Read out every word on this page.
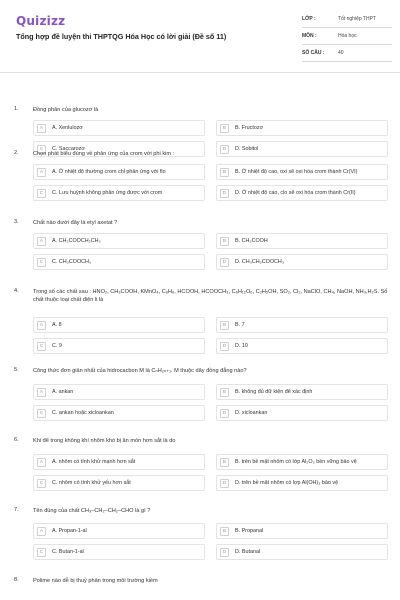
Quizizz
Tổng hợp đề luyện thi THPTQG Hóa Học có lời giải (Đề số 11)
LỚP :	Tốt nghiệp THPT
MÔN :	Hóa học
SỐ CÂU :	40
1.	Đồng phân của glucozơ là
A	A. Xenlulozơ	B	B. Fructozơ
C	C. Saccarozơ	D	D. Sobitol
2.	Chọn phát biểu đúng về phản ứng của crom với phi kim :
A	A. Ở nhiệt độ thường crom chỉ phản ứng với flo	B	B. Ở nhiệt độ cao, oxi sẽ oxi hóa crom thành Cr(VI)
C	C. Lưu huỳnh không phản ứng được với crom	D	D. Ở nhiệt độ cao, clo sẽ oxi hóa crom thành Cr(II)
3.	Chất nào dưới đây là etyl axetat ?
A	A. CH₃COOCH₂CH₃	B	B. CH₃COOH
C	C. CH₃COOCH₃	D	D. CH₃CH₂COOCH₃
4.	Trong số các chất sau : HNO₂, CH₃COOH, KMnO₄, C₆H₆, HCOOH, HCOOCH₃, C₆H₁₂O₆, C₂H₅OH, SO₂, Cl₂, NaClO, CH₄, NaOH, NH₃,H₂S. Số chất thuộc loại chất điện li là
A	A. 8	B	B. 7
C	C. 9	D	D. 10
5.	Công thức đơn giản nhất của hidrocacbon M là CₙH₂ₙ₊₁. M thuộc dãy đồng đẳng nào?
A	A. ankan	B	B. không đủ dữ kiện để xác định
C	C. ankan hoặc xicloankan	D	D. xicloankan
6.	Khi để trong không khí nhôm khó bị ăn mòn hơn sắt là do
A	A. nhôm có tính khử mạnh hơn sắt	B	B. trên bề mặt nhôm có lớp Al₂O₃ bền vững bảo vệ
C	C. nhôm có tính khử yếu hơn sắt	D	D. trên bề mặt nhôm có lợp Al(OH)₃ bảo vệ
7.	Tên đúng của chất CH₃–CH₂–CH₂–CHO là gì ?
A	A. Propan-1-al	B	B. Propanal
C	C. Butan-1-al	D	D. Butanal
8.	Polime nào dễ bị thuỷ phân trong môi trường kiềm
